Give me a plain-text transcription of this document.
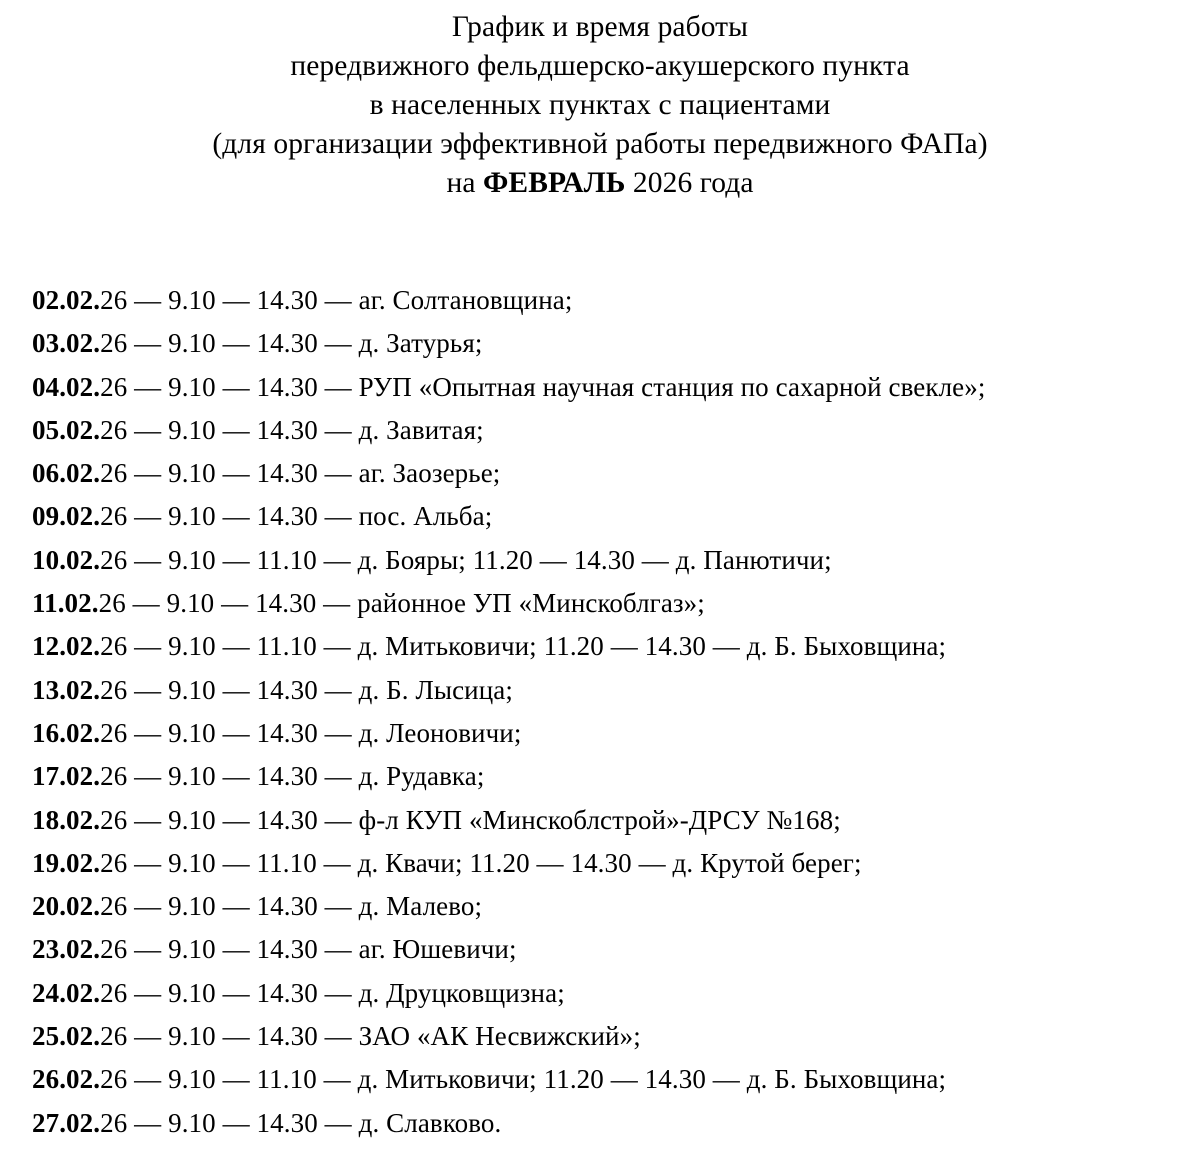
График и время работы
передвижного фельдшерско-акушерского пункта
в населенных пунктах с пациентами
(для организации эффективной работы передвижного ФАПа)
на ФЕВРАЛЬ 2026 года
02.02.26 — 9.10 — 14.30 — аг. Солтановщина;
03.02.26 — 9.10 — 14.30 — д. Затурья;
04.02.26 — 9.10 — 14.30 — РУП «Опытная научная станция по сахарной свекле»;
05.02.26 — 9.10 — 14.30 — д. Завитая;
06.02.26 — 9.10 — 14.30 — аг. Заозерье;
09.02.26 — 9.10 — 14.30 — пос. Альба;
10.02.26 — 9.10 — 11.10 — д. Бояры; 11.20 — 14.30 — д. Панютичи;
11.02.26 — 9.10 — 14.30 — районное УП «Минскоблгаз»;
12.02.26 — 9.10 — 11.10 — д. Митьковичи; 11.20 — 14.30 — д. Б. Быховщина;
13.02.26 — 9.10 — 14.30 — д. Б. Лысица;
16.02.26 — 9.10 — 14.30 — д. Леоновичи;
17.02.26 — 9.10 — 14.30 — д. Рудавка;
18.02.26 — 9.10 — 14.30 — ф-л КУП «Минскоблстрой»-ДРСУ №168;
19.02.26 — 9.10 — 11.10 — д. Квачи; 11.20 — 14.30 — д. Крутой берег;
20.02.26 — 9.10 — 14.30 — д. Малево;
23.02.26 — 9.10 — 14.30 — аг. Юшевичи;
24.02.26 — 9.10 — 14.30 — д. Друцковщизна;
25.02.26 — 9.10 — 14.30 — ЗАО «АК Несвижский»;
26.02.26 — 9.10 — 11.10 — д. Митьковичи; 11.20 — 14.30 — д. Б. Быховщина;
27.02.26 — 9.10 — 14.30 — д. Славково.
